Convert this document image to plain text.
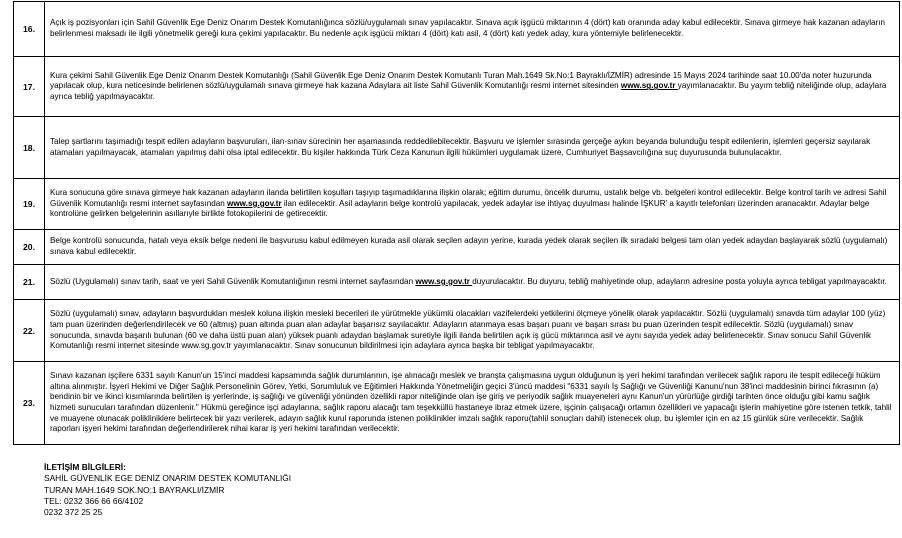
16.	Açık iş pozisyonları için Sahil Güvenlik Ege Deniz Onarım Destek Komutanlığınca sözlü/uygulamalı sınav yapılacaktır. Sınava açık işgücü miktarının 4 (dört) katı oranında aday kabul edilecektir. Sınava girmeye hak kazanan adayların belirlenmesi maksadı ile ilgili yönetmelik gereği kura çekimi yapılacaktır. Bu nedenle açık işgücü miktarı 4 (dört) katı asil, 4 (dört) katı yedek aday, kura yöntemiyle belirlenecektir.
17.	Kura çekimi Sahil Güvenlik Ege Deniz Onarım Destek Komutanlığı (Sahil Güvenlik Ege Deniz Onarım Destek Komutanlı Turan Mah.1649 Sk.No:1 Bayraklı/İZMİR) adresinde 15 Mayıs 2024 tarihinde saat 10.00'da noter huzurunda yapılacak olup, kura neticesinde belirlenen sözlü/uygulamalı sınava girmeye hak kazana Adaylara ait liste Sahil Güvenlik Komutanlığı resmi internet sitesinden www.sg.gov.tr yayımlanacaktır. Bu yayım tebliğ niteliğinde olup, adaylara ayrıca tebliğ yapılmayacaktır.
18.	Talep şartlarını taşımadığı tespit edilen adayların başvuruları, ilan-sınav sürecinin her aşamasında reddedilebilecektir. Başvuru ve işlemler sırasında gerçeğe aykırı beyanda bulunduğu tespit edilenlerin, işlemleri geçersiz sayılarak atamaları yapılmayacak, atamaları yapılmış dahi olsa iptal edilecektir. Bu kişiler hakkında Türk Ceza Kanunun ilgili hükümleri uygulamak üzere, Cumhuriyet Başsavcılığına suç duyurusunda bulunulacaktır.
19.	Kura sonucuna göre sınava girmeye hak kazanan adayların ilanda belirtilen koşulları taşıyıp taşımadıklarına ilişkin olarak; eğitim durumu, öncelik durumu, ustalık belge vb. belgeleri kontrol edilecektir. Belge kontrol tarih ve adresi Sahil Güvenlik Komutanlığı resmi internet sayfasından www.sg.gov.tr ilan edilecektir. Asil adayların belge kontrolü yapılacak, yedek adaylar ise ihtiyaç duyulması halinde İŞKUR' a kayıtlı telefonları üzerinden aranacaktır. Adaylar belge kontrolüne gelirken belgelerinin asıllarıyle birlikte fotokopilerini de getirecektir.
20.	Belge kontrolü sonucunda, hatalı veya eksik belge nedeni ile başvurusu kabul edilmeyen kurada asil olarak seçilen adayın yerine, kurada yedek olarak seçilen ilk sıradaki belgesi tam olan yedek adaydan başlayarak sözlü (uygulamalı) sınava kabul edilecektir.
21.	Sözlü (Uygulamalı) sınav tarih, saat ve yeri Sahil Güvenlik Komutanlığının resmi internet sayfasından www.sg.gov.tr duyurulacaktır. Bu duyuru, tebliğ mahiyetinde olup, adayların adresine posta yoluyla ayrıca tebligat yapılmayacaktır.
22.	Sözlü (uygulamalı) sınav, adayların başvurdukları meslek koluna ilişkin mesleki becerileri ile yürütmekle yükümlü olacakları vazifelerdeki yetkilerini ölçmeye yönelik olarak yapılacaktır. Sözlü (uygulamalı) sınavda tüm adaylar 100 (yüz) tam puan üzerinden değerlendirilecek ve 60 (altmış) puan altında puan alan adaylar başarısız sayılacaktır. Adayların atanmaya esas başarı puanı ve başarı sırası bu puan üzerinden tespit edilecektir. Sözlü (uygulamalı) sınav sonucunda, sınavda başarılı bulunan (60 ve daha üstü puan alan) yüksek puanlı adaydan başlamak suretiyle ilgili ilanda belirtilen açık iş gücü miktarınca asil ve aynı sayıda yedek aday belirlenecektir. Sınav sonucu Sahil Güvenlik Komutanlığı resmi internet sitesinde www.sg.gov.tr yayımlanacaktır. Sınav sonucunun bildirilmesi için adaylara ayrıca başka bir tebligat yapılmayacaktır.
23.	Sınavı kazanan işçilere 6331 sayılı Kanun'un 15'inci maddesi kapsamında sağlık durumlarının, işe alınacağı meslek ve branşta çalışmasına uygun olduğunun iş yeri hekimi tarafından verilecek sağlık raporu ile tespit edileceği hüküm altına alınmıştır. İşyeri Hekimi ve Diğer Sağlık Personelinin Görev, Yetki, Sorumluluk ve Eğitimleri Hakkında Yönetmeliğin geçici 3'üncü maddesi "6331 sayılı İş Sağlığı ve Güvenliği Kanunu'nun 38'inci maddesinin birinci fıkrasının (a) bendinin bir ve ikinci kısımlarında belirtilen iş yerlerinde, iş sağlığı ve güvenliği yönünden özellikli rapor niteliğinde olan işe giriş ve periyodik sağlık muayeneleri aynı Kanun'un yürürlüğe girdiği tarihten önce olduğu gibi kamu sağlık hizmeti sunucuları tarafından düzenlenir." Hükmü gereğince işçi adaylarına, sağlık raporu alacağı tam teşekküllü hastaneye ibraz etmek üzere, işçinin çalışacağı ortamın özellikleri ve yapacağı işlerin mahiyetine göre istenen tetkik, tahlil ve muayene olunacak polikliniklere belirtecek bir yazı verilerek, adayın sağlık kurul raporunda istenen poliklinikler imzalı sağlık raporu(tahlil sonuçları dahil) istenecek olup, bu işlemler için en az 15 günlük süre verilecektir. Sağlık raporları işyeri hekimi tarafından değerlendirilerek nihai karar iş yeri hekimi tarafından verilecektir.
İLETİŞİM BİLGİLERİ:
SAHİL GÜVENLİK EGE DENİZ ONARIM DESTEK KOMUTANLIĞI
TURAN MAH.1649 SOK.NO:1 BAYRAKLI/İZMİR
TEL: 0232 366 66 66/4102
0232 372 25 25
